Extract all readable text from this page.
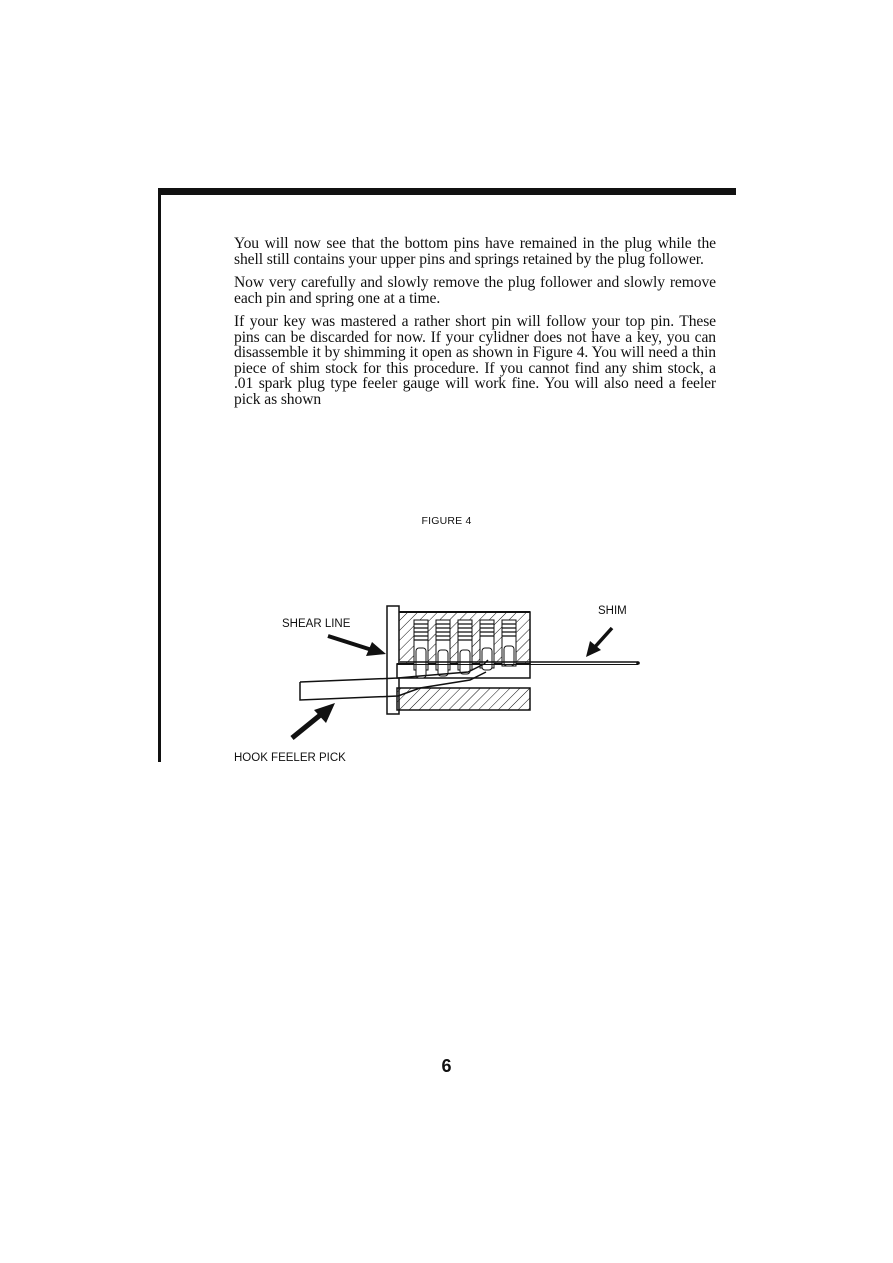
You will now see that the bottom pins have remained in the plug while the shell still contains your upper pins and springs retained by the plug follower.

Now very carefully and slowly remove the plug follower and slowly remove each pin and spring one at a time.

If your key was mastered a rather short pin will follow your top pin. These pins can be discarded for now. If your cylidner does not have a key, you can disassemble it by shimming it open as shown in Figure 4. You will need a thin piece of shim stock for this procedure. If you cannot find any shim stock, a .01 spark plug type feeler gauge will work fine. You will also need a feeler pick as shown

FIGURE 4
SHEAR LINE
SHIM
HOOK FEELER PICK
6
